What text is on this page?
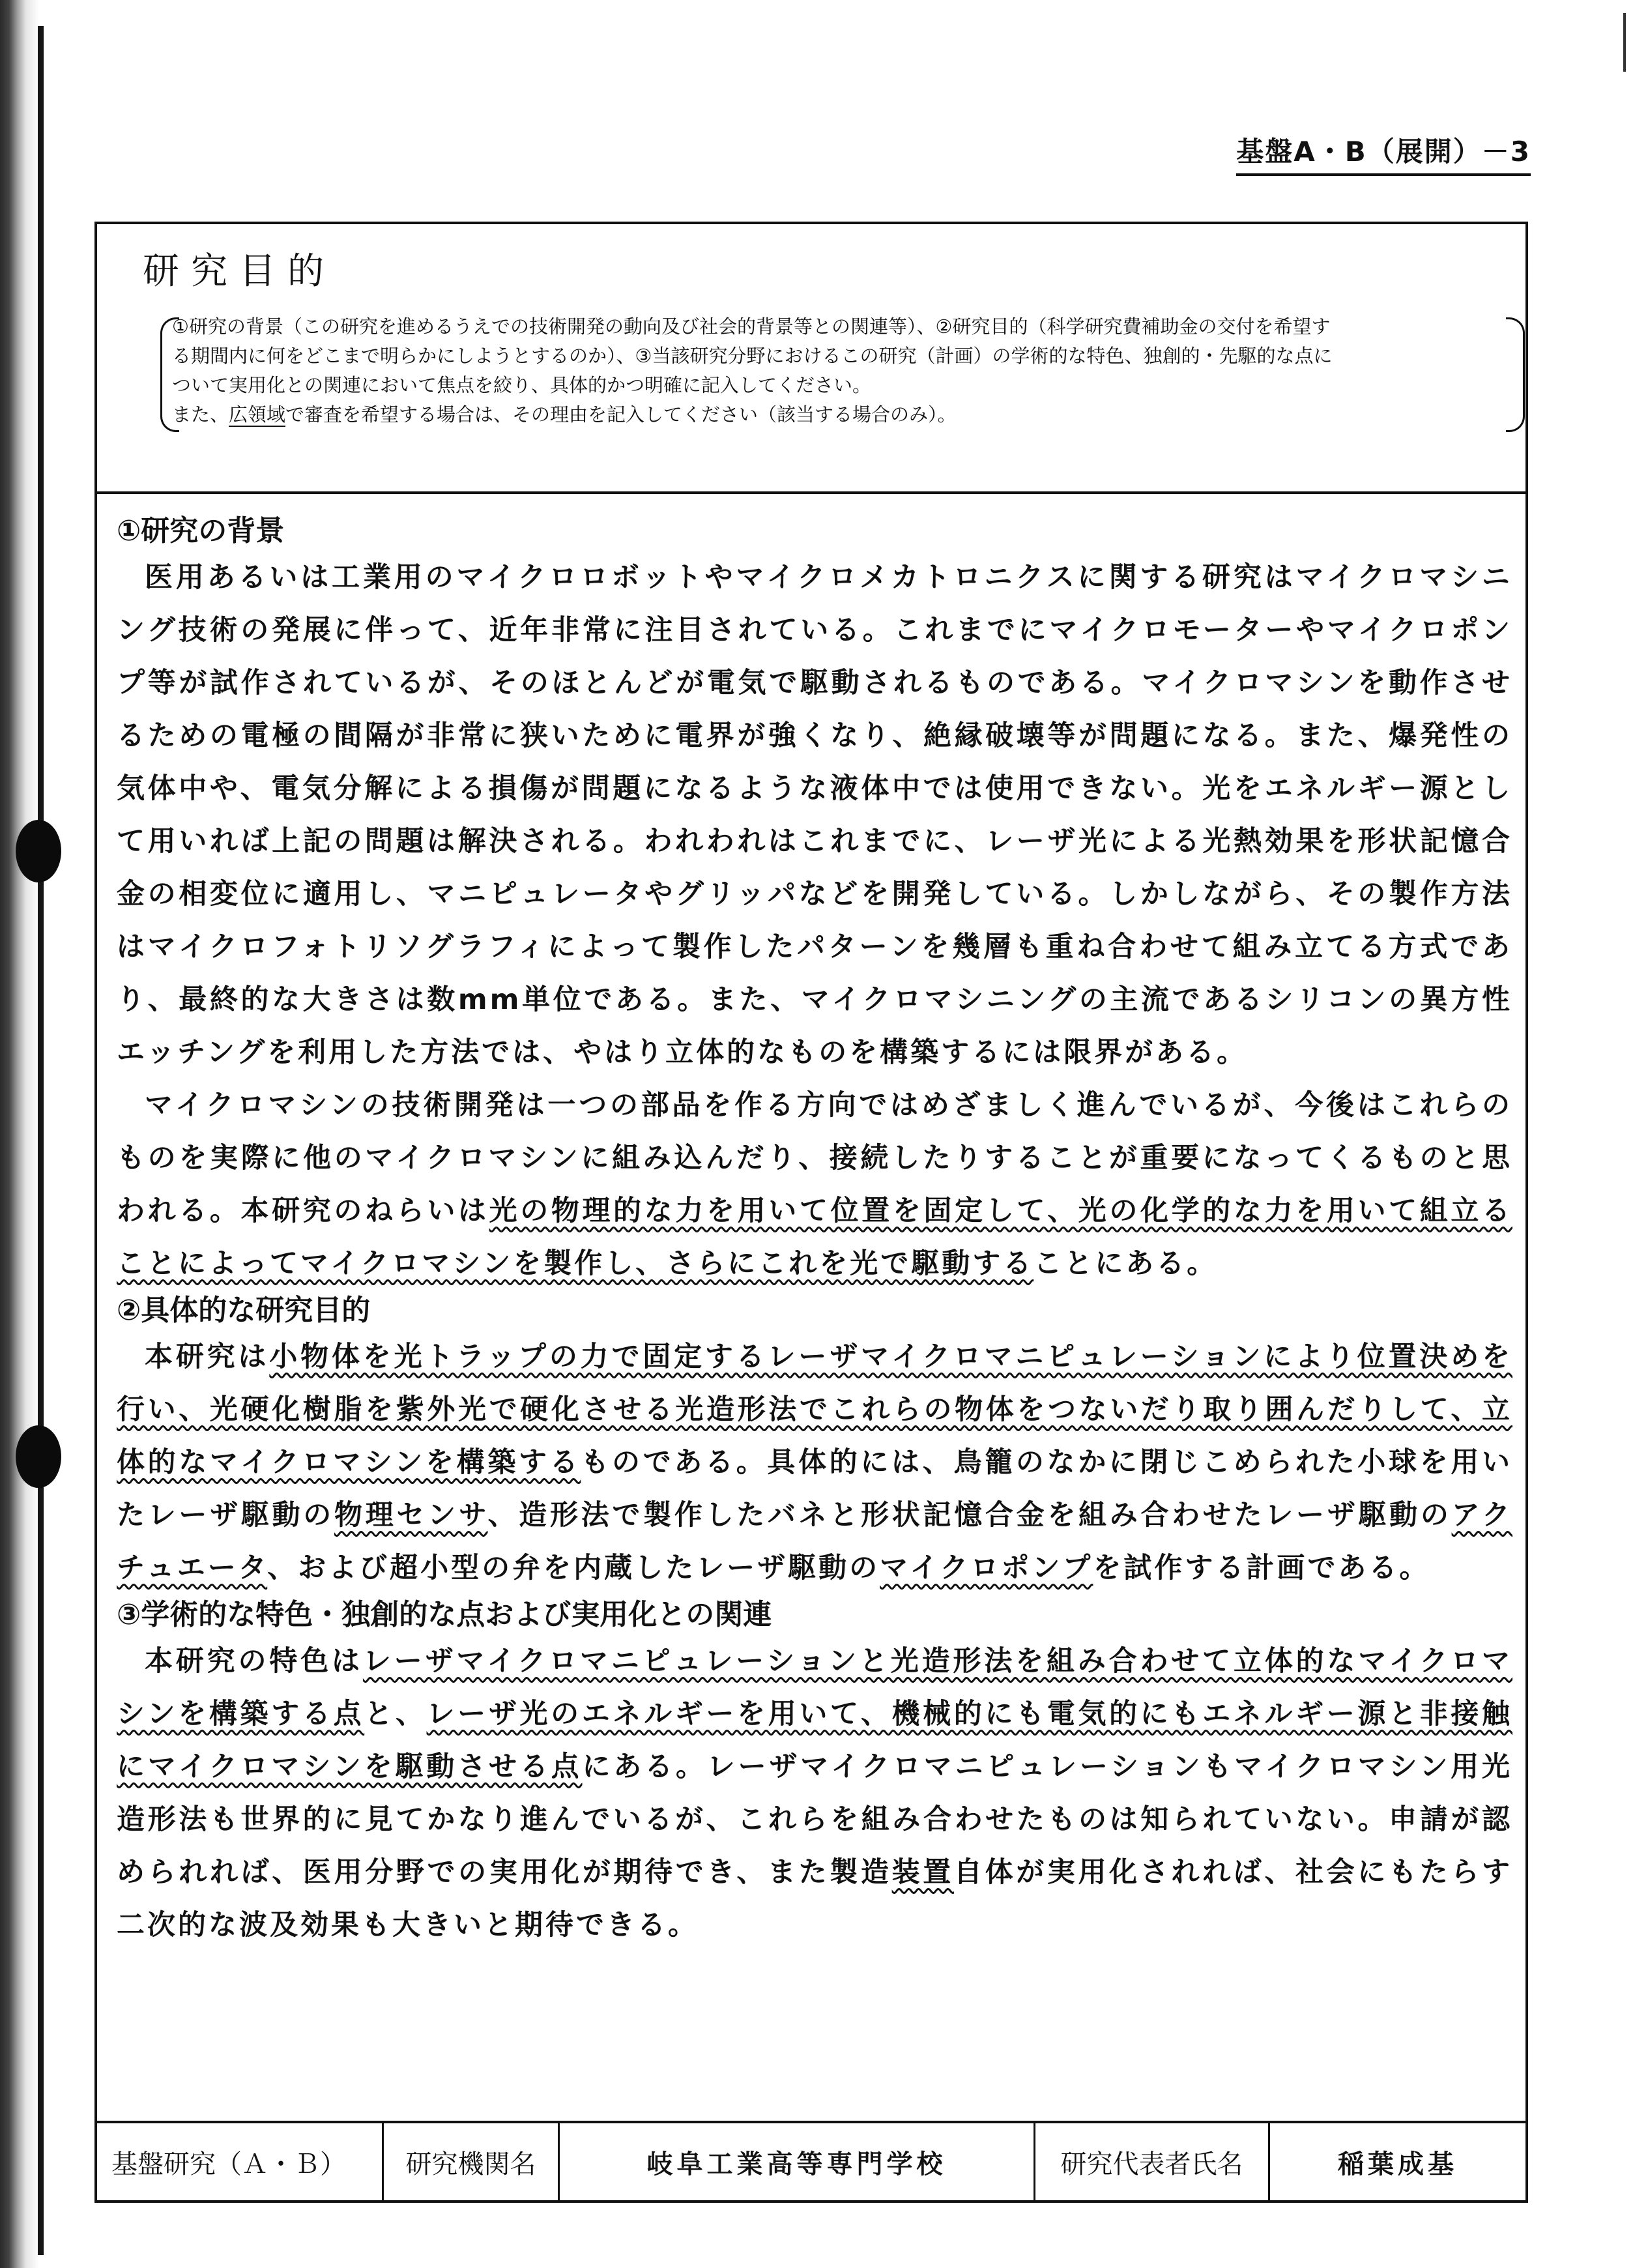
基盤A・B（展開）－3
研究目的

①研究の背景（この研究を進めるうえでの技術開発の動向及び社会的背景等との関連等）、②研究目的（科学研究費補助金の交付を希望す

る期間内に何をどこまで明らかにしようとするのか）、③当該研究分野におけるこの研究（計画）の学術的な特色、独創的・先駆的な点に

ついて実用化との関連において焦点を絞り、具体的かつ明確に記入してください。

また、広領域で審査を希望する場合は、その理由を記入してください（該当する場合のみ）。

①研究の背景

医用あるいは工業用のマイクロロボットやマイクロメカトロニクスに関する研究はマイクロマシニング技術の発展に伴って、近年非常に注目されている。これまでにマイクロモーターやマイクロポンプ等が試作されているが、そのほとんどが電気で駆動されるものである。マイクロマシンを動作させるための電極の間隔が非常に狭いために電界が強くなり、絶縁破壊等が問題になる。また、爆発性の気体中や、電気分解による損傷が問題になるような液体中では使用できない。光をエネルギー源として用いれば上記の問題は解決される。われわれはこれまでに、レーザ光による光熱効果を形状記憶合金の相変位に適用し、マニピュレータやグリッパなどを開発している。しかしながら、その製作方法はマイクロフォトリソグラフィによって製作したパターンを幾層も重ね合わせて組み立てる方式であり、最終的な大きさは数mm単位である。また、マイクロマシニングの主流であるシリコンの異方性エッチングを利用した方法では、やはり立体的なものを構築するには限界がある。

マイクロマシンの技術開発は一つの部品を作る方向ではめざましく進んでいるが、今後はこれらのものを実際に他のマイクロマシンに組み込んだり、接続したりすることが重要になってくるものと思われる。本研究のねらいは光の物理的な力を用いて位置を固定して、光の化学的な力を用いて組立ることによってマイクロマシンを製作し、さらにこれを光で駆動することにある。

②具体的な研究目的

本研究は小物体を光トラップの力で固定するレーザマイクロマニピュレーションにより位置決めを行い、光硬化樹脂を紫外光で硬化させる光造形法でこれらの物体をつないだり取り囲んだりして、立体的なマイクロマシンを構築するものである。具体的には、鳥籠のなかに閉じこめられた小球を用いたレーザ駆動の物理センサ、造形法で製作したバネと形状記憶合金を組み合わせたレーザ駆動のアクチュエータ、および超小型の弁を内蔵したレーザ駆動のマイクロポンプを試作する計画である。

③学術的な特色・独創的な点および実用化との関連

本研究の特色はレーザマイクロマニピュレーションと光造形法を組み合わせて立体的なマイクロマシンを構築する点と、レーザ光のエネルギーを用いて、機械的にも電気的にもエネルギー源と非接触にマイクロマシンを駆動させる点にある。レーザマイクロマニピュレーションもマイクロマシン用光造形法も世界的に見てかなり進んでいるが、これらを組み合わせたものは知られていない。申請が認められれば、医用分野での実用化が期待でき、また製造装置自体が実用化されれば、社会にもたらす二次的な波及効果も大きいと期待できる。

基盤研究（Ａ・Ｂ）	研究機関名	岐阜工業高等専門学校	研究代表者氏名	稲葉成基
